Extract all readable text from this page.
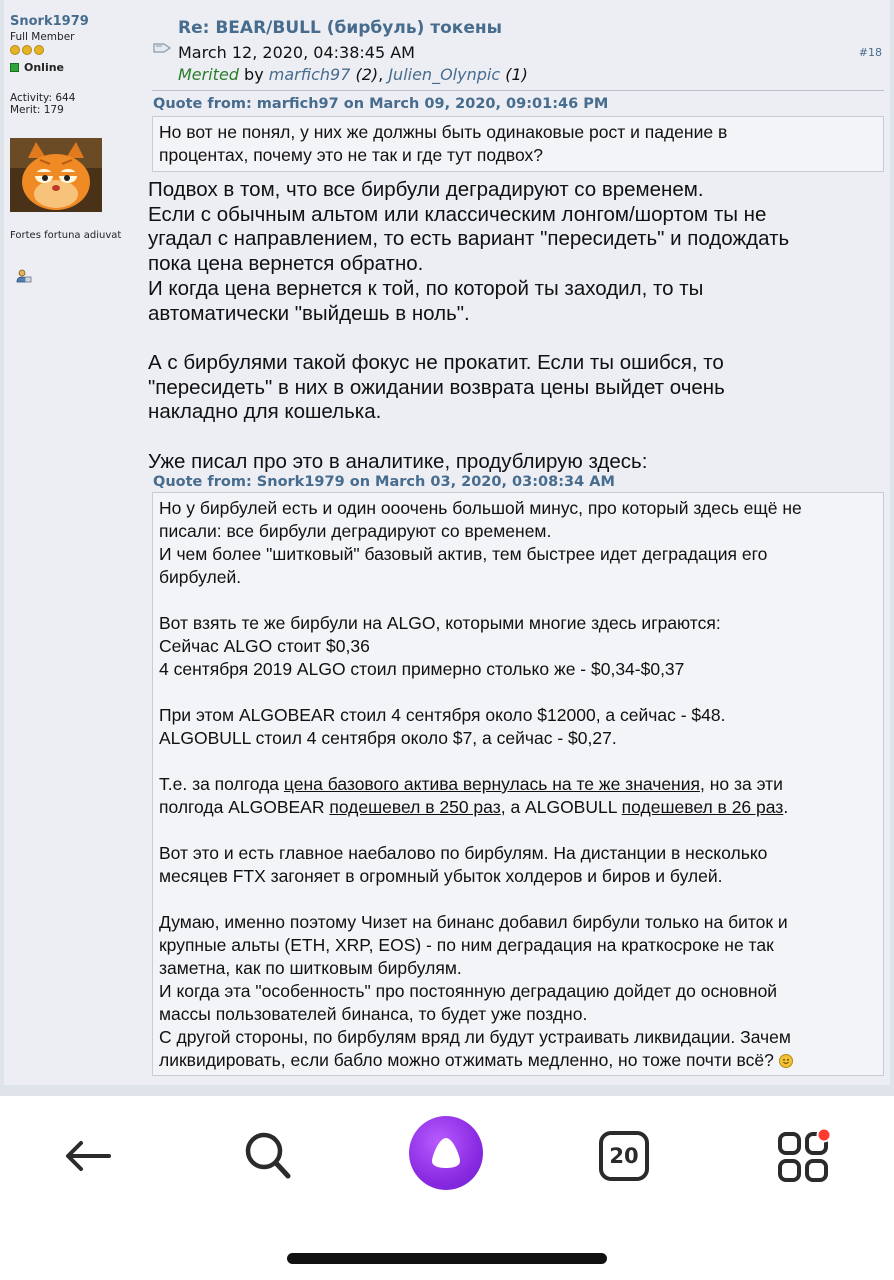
Snork1979
Full Member
Online
Activity: 644
Merit: 179
Fortes fortuna adiuvat
Re: BEAR/BULL (бирбуль) токены
March 12, 2020, 04:38:45 AM
Merited by marfich97 (2), Julien_Olynpic (1)
#18
Quote from: marfich97 on March 09, 2020, 09:01:46 PM

Но вот не понял, у них же должны быть одинаковые рост и падение в

процентах, почему это не так и где тут подвох?

Подвох в том, что все бирбули деградируют со временем.

Если с обычным альтом или классическим лонгом/шортом ты не

угадал с направлением, то есть вариант "пересидеть" и подождать

пока цена вернется обратно.

И когда цена вернется к той, по которой ты заходил, то ты

автоматически "выйдешь в ноль".

А с бирбулями такой фокус не прокатит. Если ты ошибся, то

"пересидеть" в них в ожидании возврата цены выйдет очень

накладно для кошелька.

Уже писал про это в аналитике, продублирую здесь:

Quote from: Snork1979 on March 03, 2020, 03:08:34 AM

Но у бирбулей есть и один ооочень большой минус, про который здесь ещё не

писали: все бирбули деградируют со временем.

И чем более "шитковый" базовый актив, тем быстрее идет деградация его

бирбулей.

Вот взять те же бирбули на ALGO, которыми многие здесь играются:

Сейчас ALGO стоит $0,36

4 сентября 2019 ALGO стоил примерно столько же - $0,34-$0,37

При этом ALGOBEAR стоил 4 сентября около $12000, а сейчас - $48.

ALGOBULL стоил 4 сентября около $7, а сейчас - $0,27.

Т.е. за полгода цена базового актива вернулась на те же значения, но за эти

полгода ALGOBEAR подешевел в 250 раз, а ALGOBULL подешевел в 26 раз.

Вот это и есть главное наебалово по бирбулям. На дистанции в несколько

месяцев FTX загоняет в огромный убыток холдеров и биров и булей.

Думаю, именно поэтому Чизет на бинанс добавил бирбули только на биток и

крупные альты (ETH, XRP, EOS) - по ним деградация на краткосроке не так

заметна, как по шитковым бирбулям.

И когда эта "особенность" про постоянную деградацию дойдет до основной

массы пользователей бинанса, то будет уже поздно.

С другой стороны, по бирбулям вряд ли будут устраивать ликвидации. Зачем

ликвидировать, если бабло можно отжимать медленно, но тоже почти всё?

20
